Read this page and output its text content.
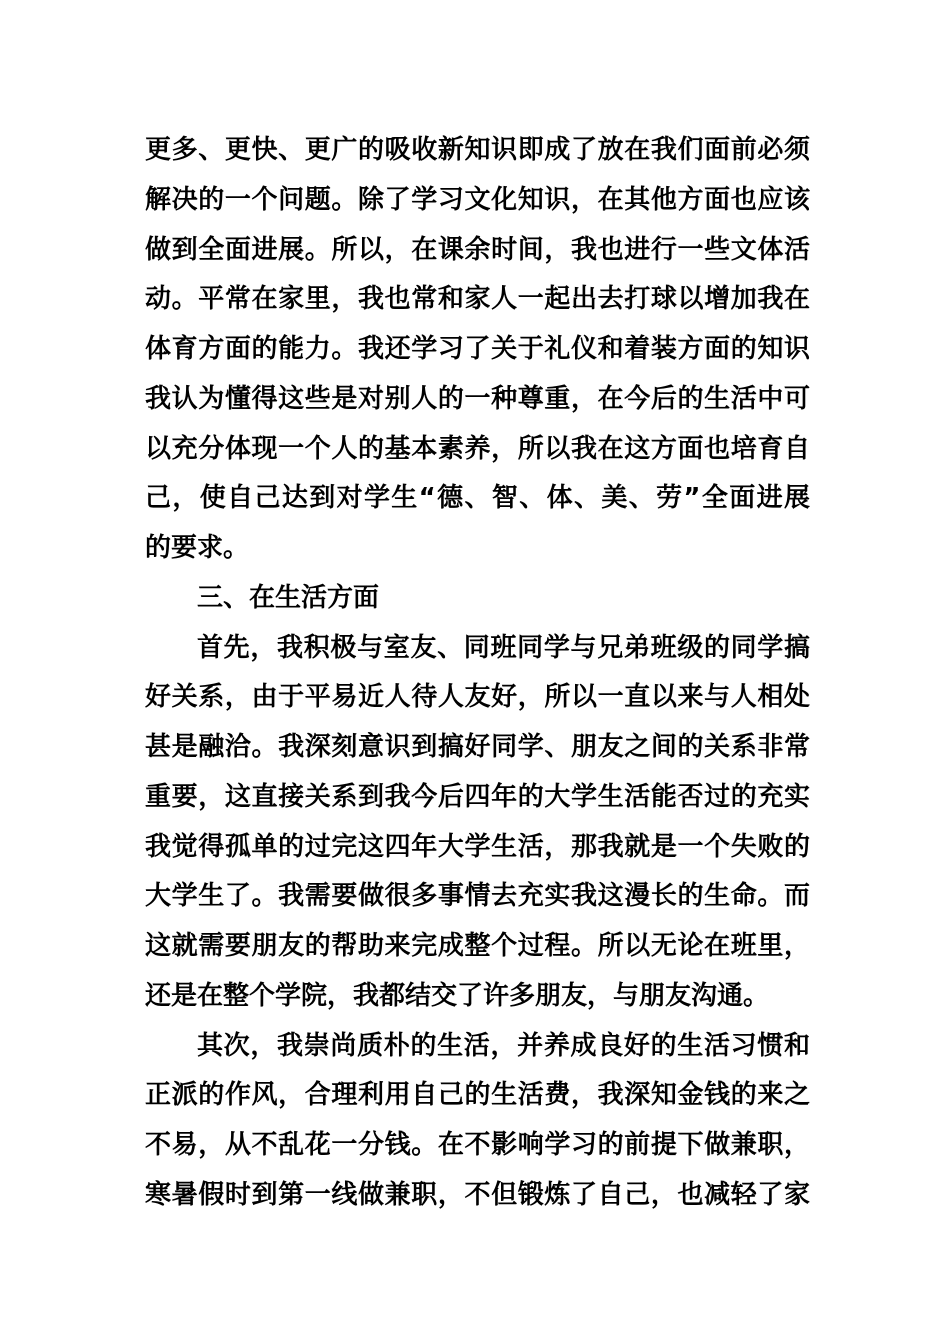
更多、更快、更广的吸收新知识即成了放在我们面前必须
解决的一个问题。除了学习文化知识，在其他方面也应该
做到全面进展。所以，在课余时间，我也进行一些文体活
动。平常在家里，我也常和家人一起出去打球以增加我在
体育方面的能力。我还学习了关于礼仪和着装方面的知识
我认为懂得这些是对别人的一种尊重，在今后的生活中可
以充分体现一个人的基本素养，所以我在这方面也培育自
己，使自己达到对学生“德、智、体、美、劳”全面进展
的要求。
三、在生活方面
首先，我积极与室友、同班同学与兄弟班级的同学搞
好关系，由于平易近人待人友好，所以一直以来与人相处
甚是融洽。我深刻意识到搞好同学、朋友之间的关系非常
重要，这直接关系到我今后四年的大学生活能否过的充实
我觉得孤单的过完这四年大学生活，那我就是一个失败的
大学生了。我需要做很多事情去充实我这漫长的生命。而
这就需要朋友的帮助来完成整个过程。所以无论在班里，
还是在整个学院，我都结交了许多朋友，与朋友沟通。
其次，我崇尚质朴的生活，并养成良好的生活习惯和
正派的作风，合理利用自己的生活费，我深知金钱的来之
不易，从不乱花一分钱。在不影响学习的前提下做兼职，
寒暑假时到第一线做兼职，不但锻炼了自己，也减轻了家
